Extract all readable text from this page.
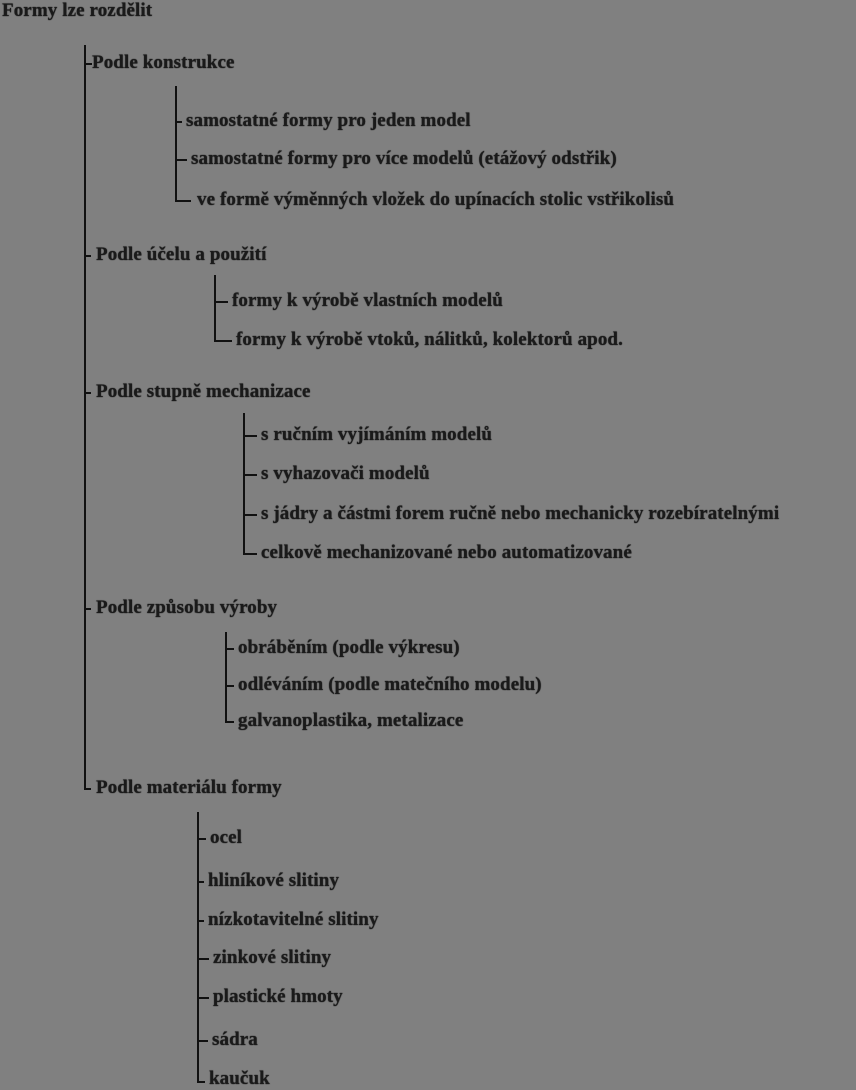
Formy lze rozdělit
Podle konstrukce
samostatné formy pro jeden model
samostatné formy pro více modelů (etážový odstřik)
ve formě výměnných vložek do upínacích stolic vstřikolisů
Podle účelu a použití
formy k výrobě vlastních modelů
formy k výrobě vtoků, nálitků, kolektorů apod.
Podle stupně mechanizace
s ručním vyjímáním modelů
s vyhazovači modelů
s jádry a částmi forem ručně nebo mechanicky rozebíratelnými
celkově mechanizované nebo automatizované
Podle způsobu výroby
obráběním (podle výkresu)
odléváním (podle matečního modelu)
galvanoplastika, metalizace
Podle materiálu formy
ocel
hliníkové slitiny
nízkotavitelné slitiny
zinkové slitiny
plastické hmoty
sádra
kaučuk
